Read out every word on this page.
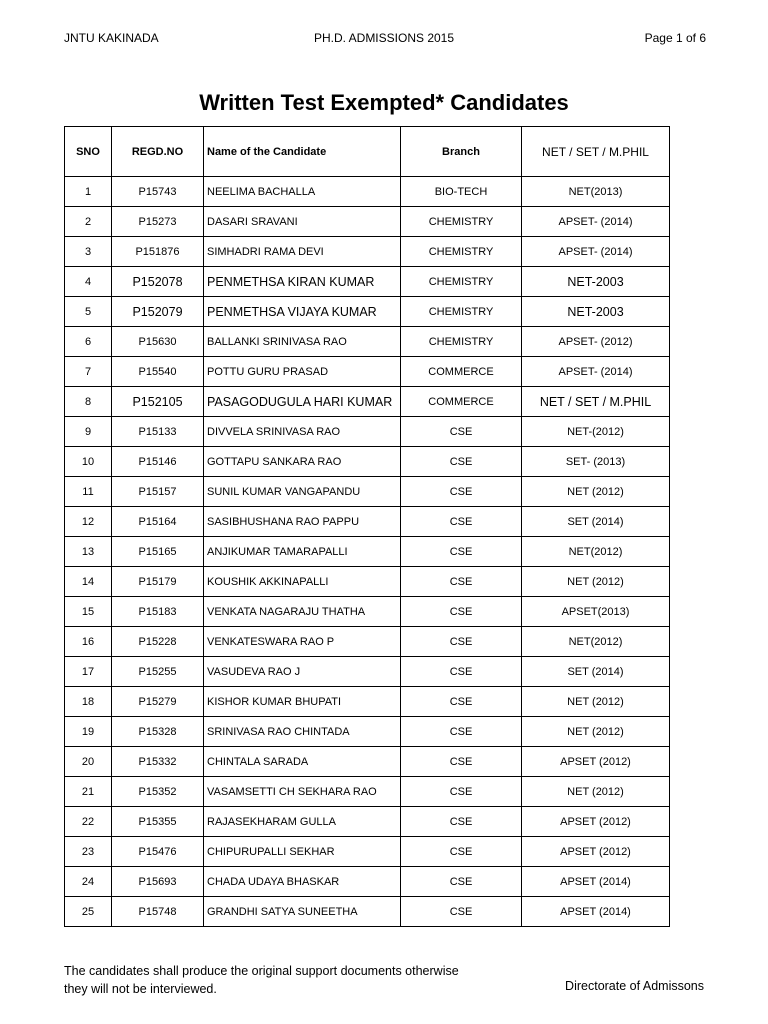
JNTU KAKINADA	PH.D. ADMISSIONS 2015	Page 1 of 6
Written Test Exempted* Candidates
SNO	REGD.NO	Name of the Candidate	Branch	NET / SET / M.PHIL
1	P15743	NEELIMA BACHALLA	BIO-TECH	NET(2013)
2	P15273	DASARI SRAVANI	CHEMISTRY	APSET- (2014)
3	P151876	SIMHADRI RAMA DEVI	CHEMISTRY	APSET- (2014)
4	P152078	PENMETHSA KIRAN KUMAR	CHEMISTRY	NET-2003
5	P152079	PENMETHSA VIJAYA KUMAR	CHEMISTRY	NET-2003
6	P15630	BALLANKI SRINIVASA RAO	CHEMISTRY	APSET- (2012)
7	P15540	POTTU GURU PRASAD	COMMERCE	APSET- (2014)
8	P152105	PASAGODUGULA HARI KUMAR	COMMERCE	NET / SET / M.PHIL
9	P15133	DIVVELA SRINIVASA RAO	CSE	NET-(2012)
10	P15146	GOTTAPU SANKARA RAO	CSE	SET- (2013)
11	P15157	SUNIL KUMAR VANGAPANDU	CSE	NET (2012)
12	P15164	SASIBHUSHANA RAO PAPPU	CSE	SET (2014)
13	P15165	ANJIKUMAR TAMARAPALLI	CSE	NET(2012)
14	P15179	KOUSHIK AKKINAPALLI	CSE	NET (2012)
15	P15183	VENKATA NAGARAJU THATHA	CSE	APSET(2013)
16	P15228	VENKATESWARA RAO P	CSE	NET(2012)
17	P15255	VASUDEVA RAO J	CSE	SET (2014)
18	P15279	KISHOR KUMAR BHUPATI	CSE	NET (2012)
19	P15328	SRINIVASA RAO CHINTADA	CSE	NET (2012)
20	P15332	CHINTALA SARADA	CSE	APSET (2012)
21	P15352	VASAMSETTI CH SEKHARA RAO	CSE	NET (2012)
22	P15355	RAJASEKHARAM GULLA	CSE	APSET (2012)
23	P15476	CHIPURUPALLI SEKHAR	CSE	APSET (2012)
24	P15693	CHADA UDAYA BHASKAR	CSE	APSET (2014)
25	P15748	GRANDHI SATYA SUNEETHA	CSE	APSET (2014)
The candidates shall produce the original support documents otherwise
they will not be interviewed.	Directorate of Admissons
